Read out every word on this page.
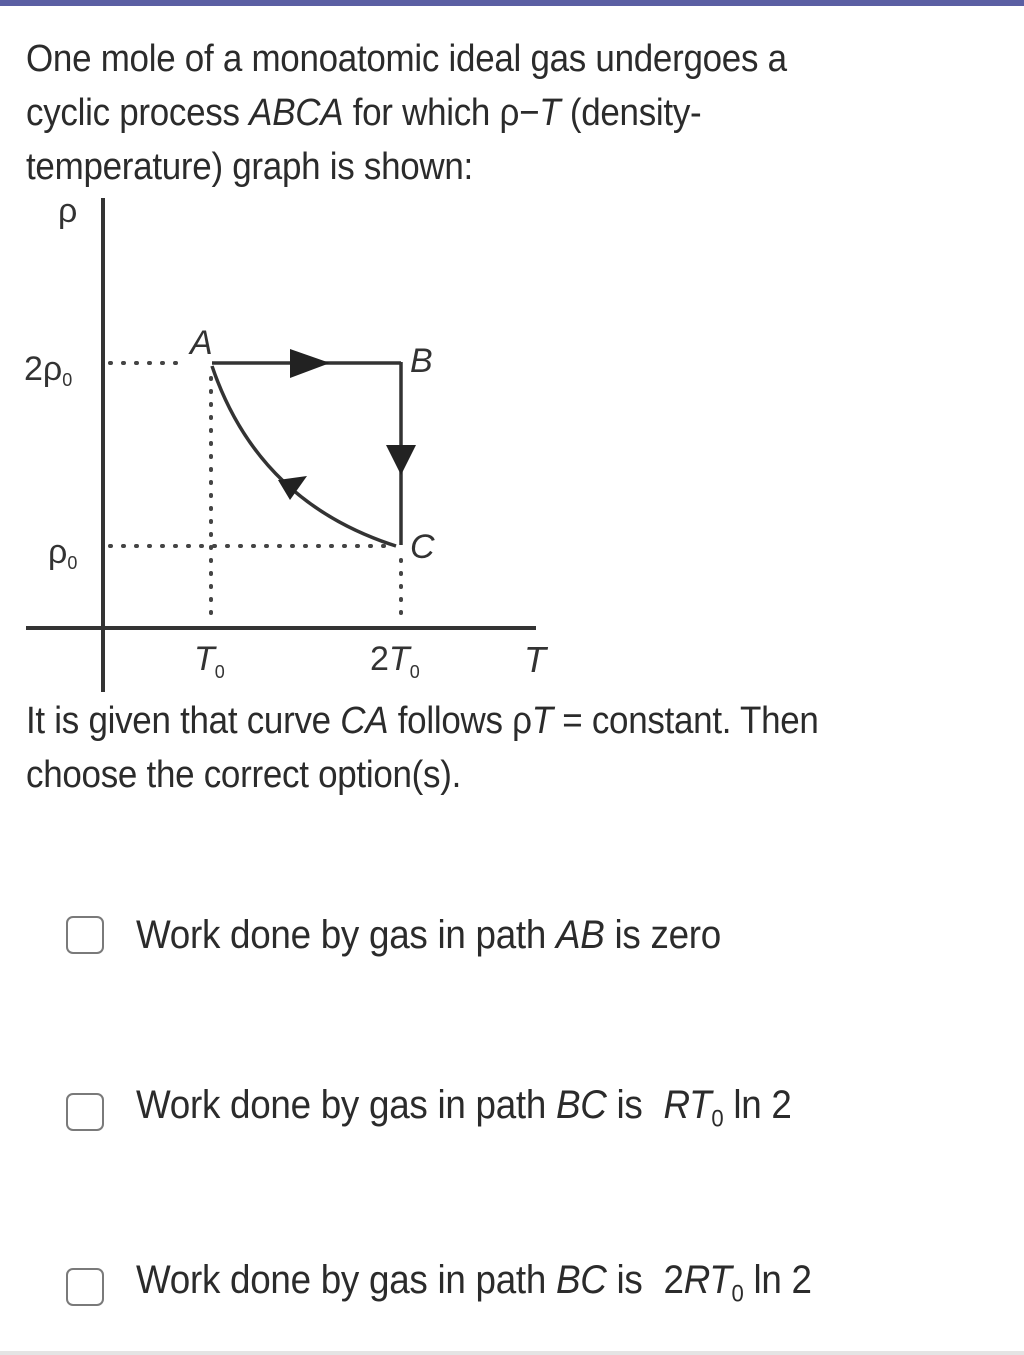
One mole of a monoatomic ideal gas undergoes a
cyclic process ABCA for which ρ−T (density-
temperature) graph is shown:
ρ
2ρ0
ρ0
$T_0$	$2T_0$	T
A	B
C
It is given that curve CA follows ρT = constant. Then
choose the correct option(s).
Work done by gas in path AB is zero
Work done by gas in path BC is $RT_0$ ln 2
Work done by gas in path BC is $2RT_0$ ln 2
